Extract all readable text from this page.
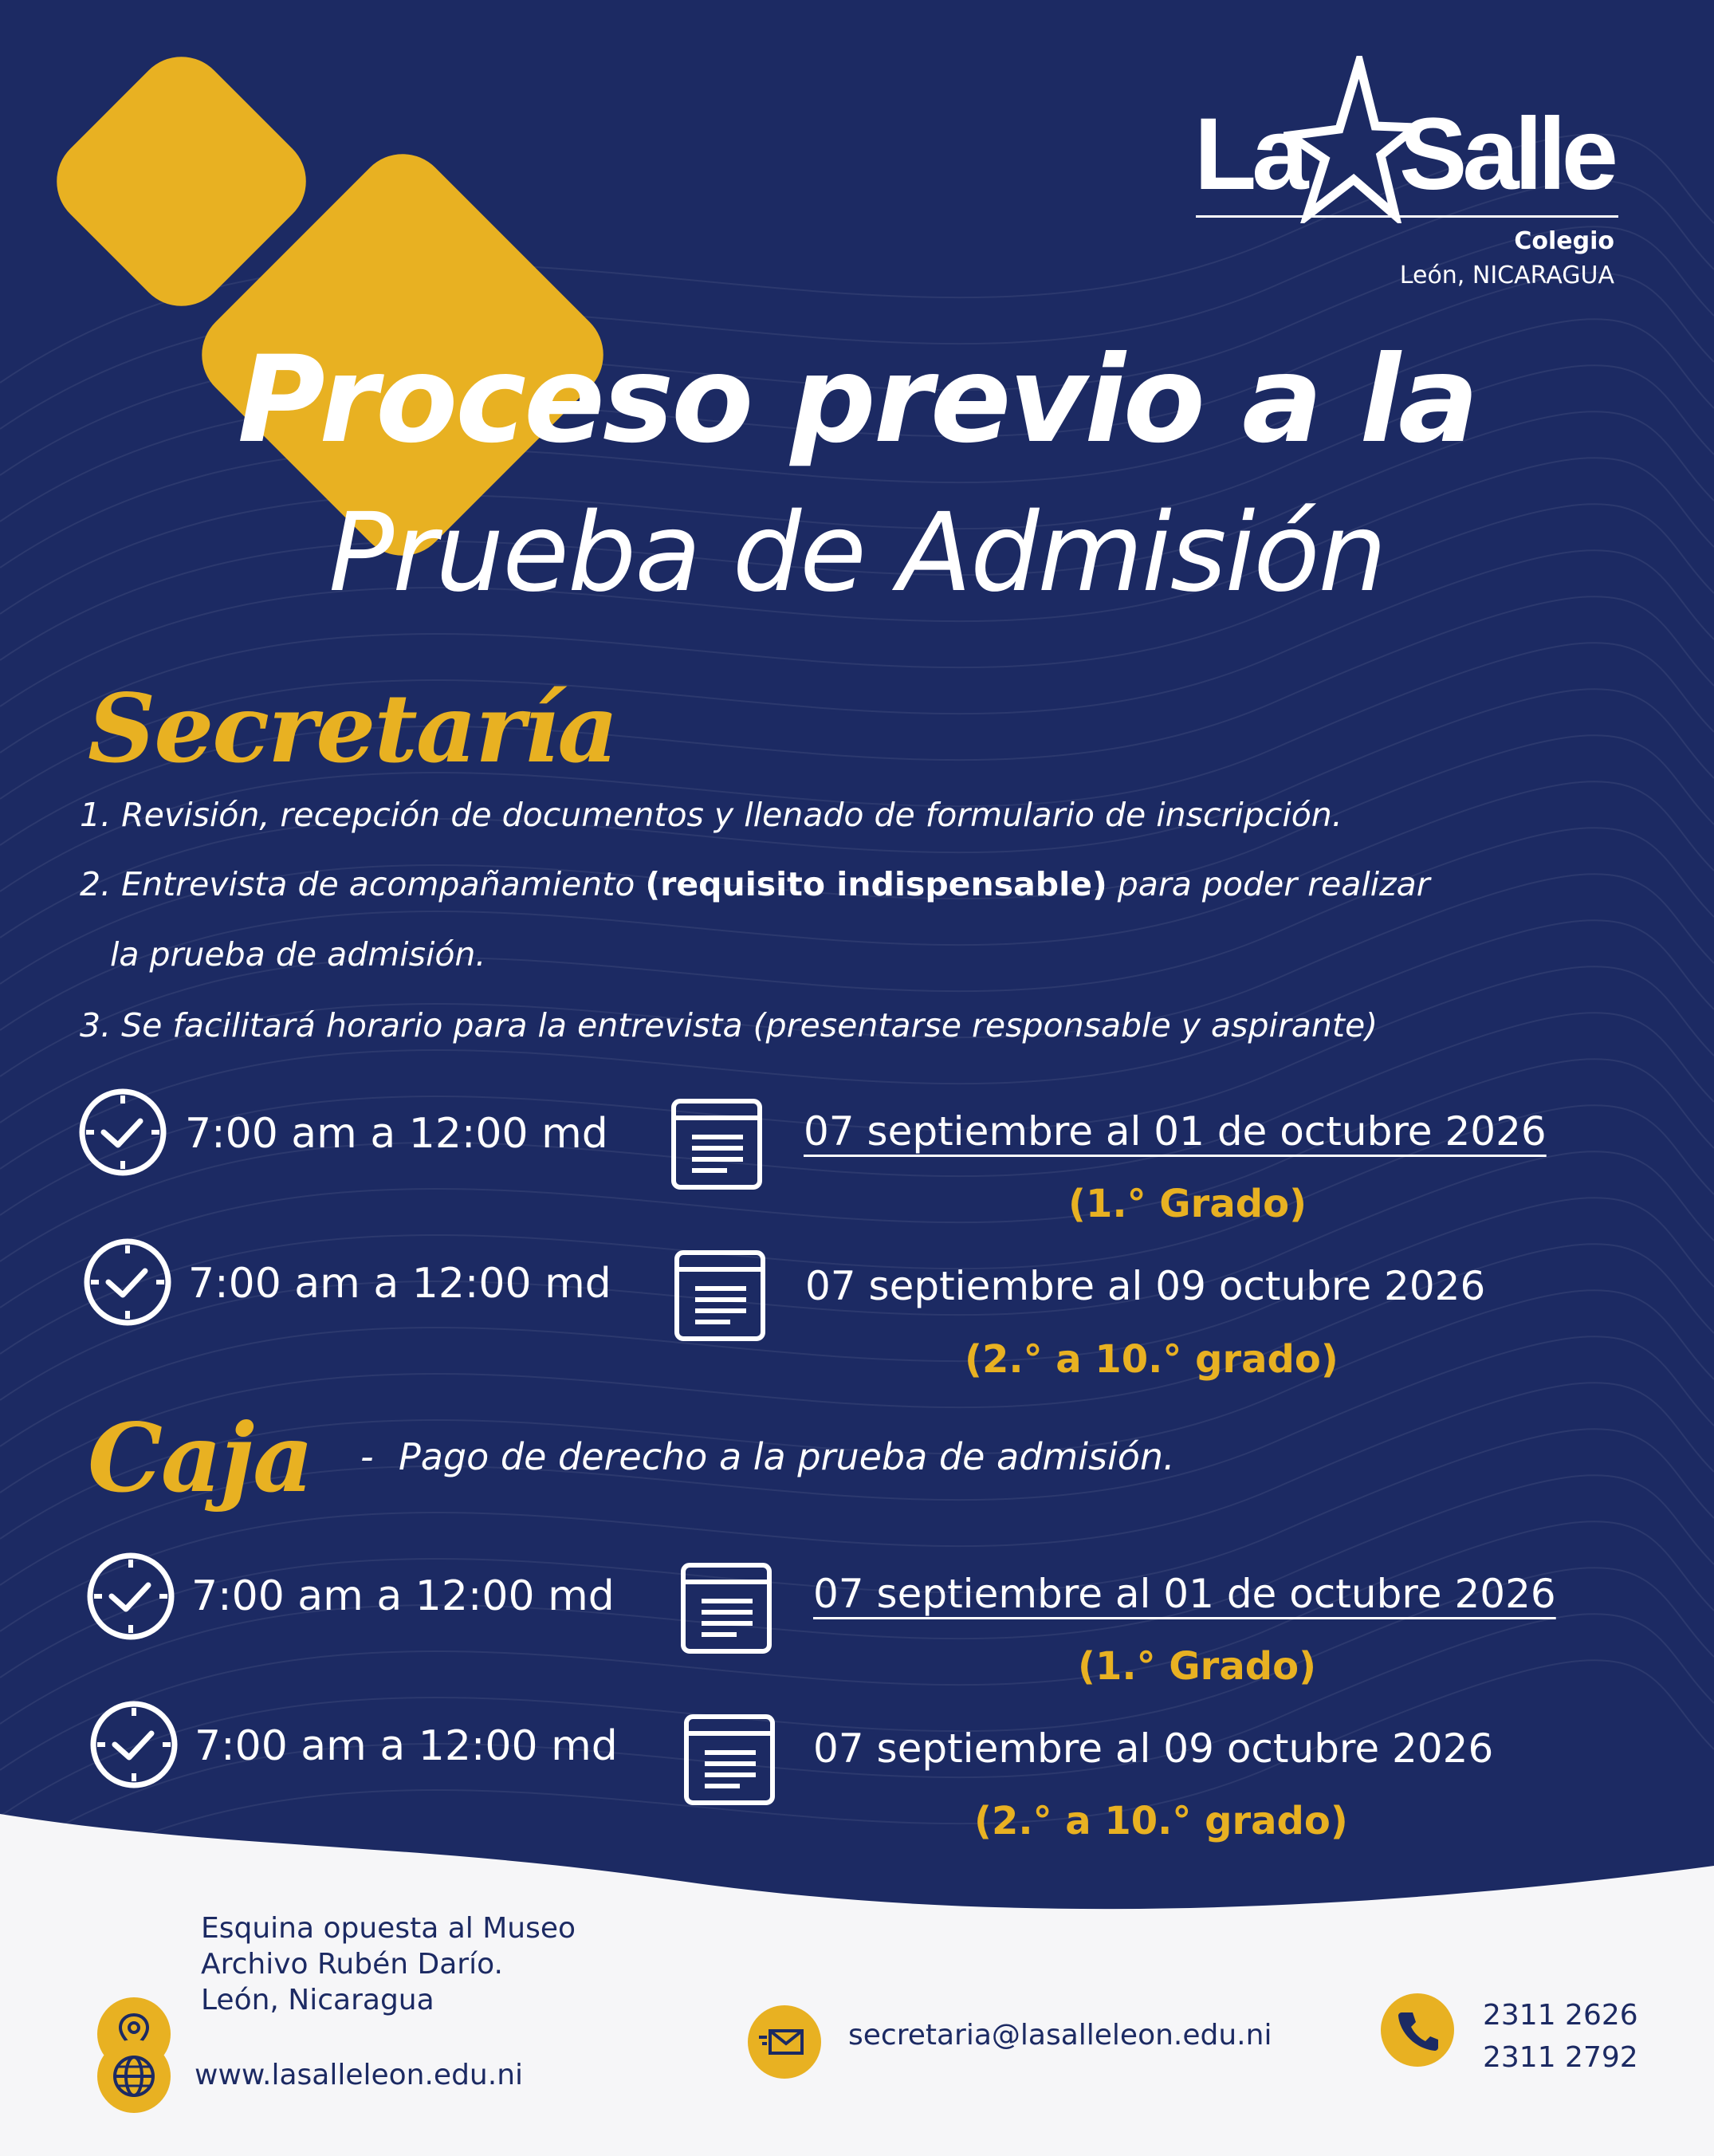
La Salle
Colegio
León, NICARAGUA
Proceso previo a la
Prueba de Admisión
Secretaría
1. Revisión, recepción de documentos y llenado de formulario de inscripción.
2. Entrevista de acompañamiento (requisito indispensable) para poder realizar
la prueba de admisión.
3. Se facilitará horario para la entrevista (presentarse responsable y aspirante)
7:00 am a 12:00 md	07 septiembre al 01 de octubre 2026
(1.° Grado)
7:00 am a 12:00 md	07 septiembre al 09 octubre 2026
(2.° a 10.° grado)
Caja - Pago de derecho a la prueba de admisión.
7:00 am a 12:00 md	07 septiembre al 01 de octubre 2026
(1.° Grado)
7:00 am a 12:00 md	07 septiembre al 09 octubre 2026
(2.° a 10.° grado)
Esquina opuesta al Museo
Archivo Rubén Darío.
León, Nicaragua
www.lasalleleon.edu.ni
secretaria@lasalleleon.edu.ni
2311 2626
2311 2792
